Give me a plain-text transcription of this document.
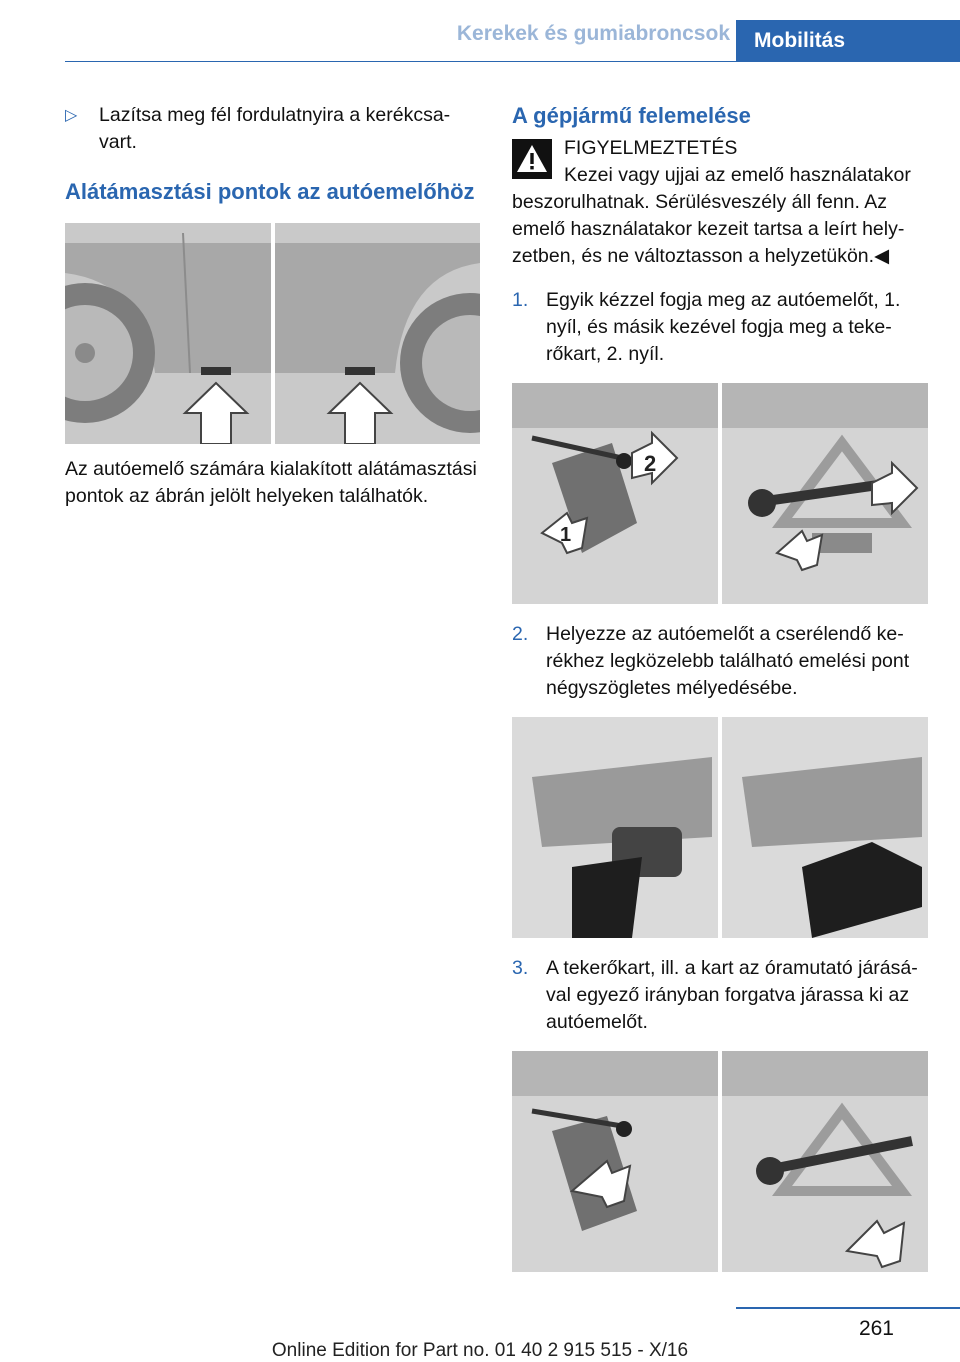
Kerekek és gumiabroncsok	Mobilitás
▷ Lazítsa meg fél fordulatnyira a kerékcsa-vart.
Alátámasztási pontok az autóemelőhöz
Az autóemelő számára kialakított alátámasztási pontok az ábrán jelölt helyeken találhatók.
A gépjármű felemelése
FIGYELMEZTETÉS
Kezei vagy ujjai az emelő használatakor
beszorulhatnak. Sérülésveszély áll fenn. Az emelő használatakor kezeit tartsa a leírt hely-zetben, és ne változtasson a helyzetükön.◀
1. Egyik kézzel fogja meg az autóemelőt, 1. nyíl, és másik kezével fogja meg a teke-rőkart, 2. nyíl.
2
1
2. Helyezze az autóemelőt a cserélendő ke-rékhez legközelebb található emelési pont négyszögletes mélyedésébe.
3. A tekerőkart, ill. a kart az óramutató járásá-val egyező irányban forgatva járassa ki az autóemelőt.
261
Online Edition for Part no. 01 40 2 915 515 - X/16
